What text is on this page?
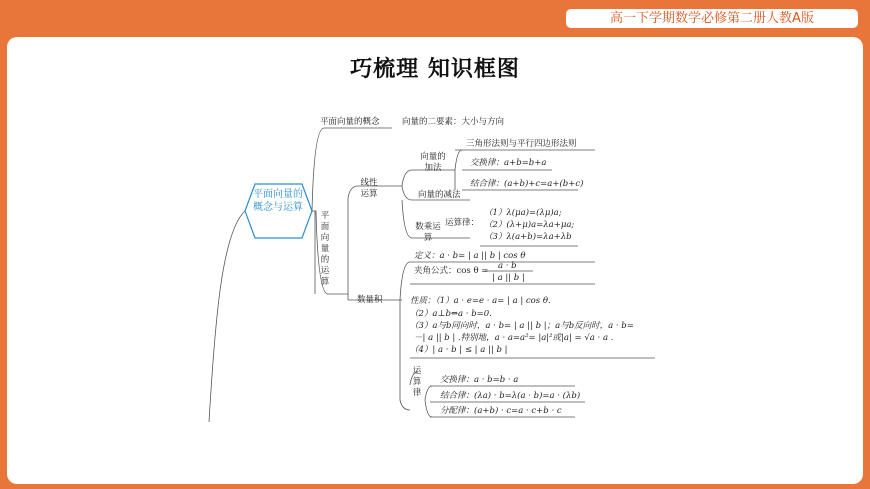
高一下学期数学必修第二册人教A版
巧梳理 知识框图
平面向量的概念与运算
平面向量的概念	向量的二要素：大小与方向
平面向量的运算
线性运算
向量的加法
三角形法则与平行四边形法则
交换律：a+b=b+a
结合律：(a+b)+c=a+(b+c)
向量的减法
数乘运算
运算律：
（1）λ(μa)=(λμ)a;
（2）(λ+μ)a=λa+μa;
（3）λ(a+b)=λa+λb
数量积
定义：a · b= | a || b | cos θ
夹角公式：cos θ = a · b
| a || b |
性质：（1）a · e=e · a= | a | cos θ.
（2）a⊥b⇔a · b=0.
（3）a与b同向时，a · b= | a || b |；a与b反向时，a · b=
－| a || b | .特别地，a · a=a²= |a|²或|a| = √a · a .
（4）| a · b | ≤ | a || b |
运算律
交换律：a · b=b · a
结合律：(λa) · b=λ(a · b)=a · (λb)
分配律：(a+b) · c=a · c+b · c
